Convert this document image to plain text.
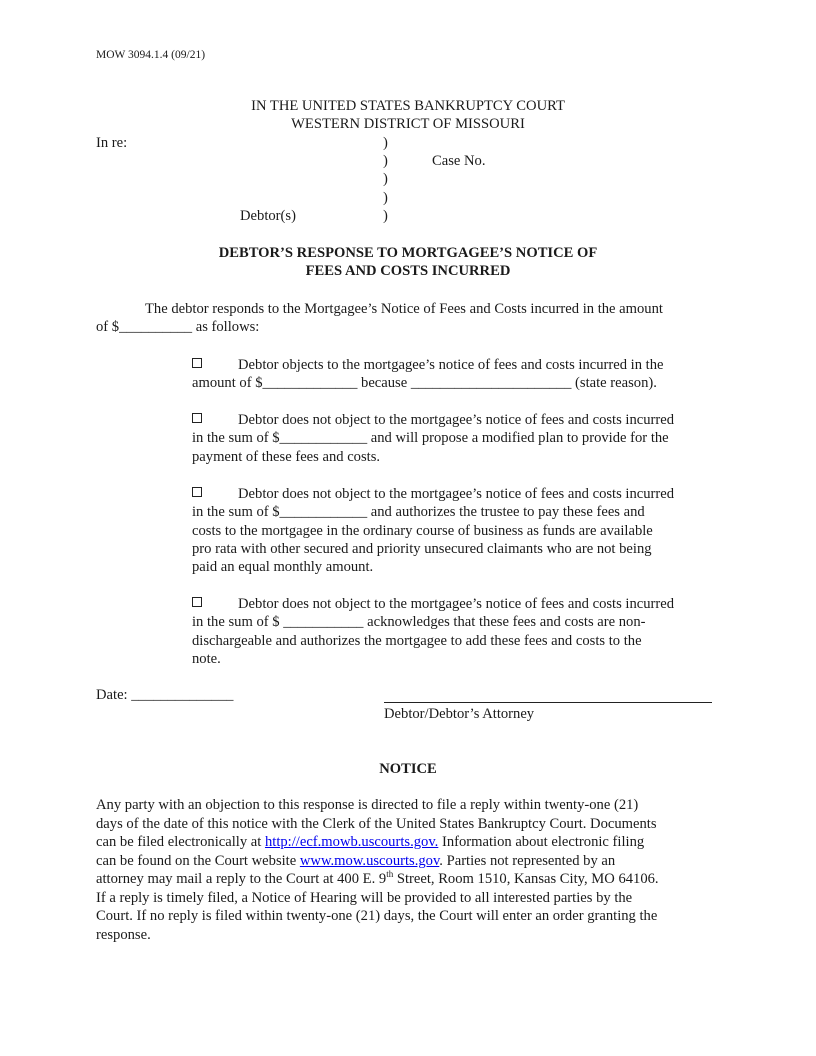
MOW 3094.1.4 (09/21)
IN THE UNITED STATES BANKRUPTCY COURT
WESTERN DISTRICT OF MISSOURI
In re:	)
)	Case No.
)
)
Debtor(s)	)
DEBTOR’S RESPONSE TO MORTGAGEE’S NOTICE OF
FEES AND COSTS INCURRED
The debtor responds to the Mortgagee’s Notice of Fees and Costs incurred in the amount
of $__________ as follows:
Debtor objects to the mortgagee’s notice of fees and costs incurred in the
amount of $_____________ because ______________________ (state reason).
Debtor does not object to the mortgagee’s notice of fees and costs incurred
in the sum of $____________ and will propose a modified plan to provide for the
payment of these fees and costs.
Debtor does not object to the mortgagee’s notice of fees and costs incurred
in the sum of $____________ and authorizes the trustee to pay these fees and
costs to the mortgagee in the ordinary course of business as funds are available
pro rata with other secured and priority unsecured claimants who are not being
paid an equal monthly amount.
Debtor does not object to the mortgagee’s notice of fees and costs incurred
in the sum of $ ___________ acknowledges that these fees and costs are non-
dischargeable and authorizes the mortgagee to add these fees and costs to the
note.
Date: ______________
Debtor/Debtor’s Attorney
NOTICE
Any party with an objection to this response is directed to file a reply within twenty-one (21)
days of the date of this notice with the Clerk of the United States Bankruptcy Court. Documents
can be filed electronically at http://ecf.mowb.uscourts.gov. Information about electronic filing
can be found on the Court website www.mow.uscourts.gov. Parties not represented by an
attorney may mail a reply to the Court at 400 E. 9th Street, Room 1510, Kansas City, MO 64106.
If a reply is timely filed, a Notice of Hearing will be provided to all interested parties by the
Court. If no reply is filed within twenty-one (21) days, the Court will enter an order granting the
response.
